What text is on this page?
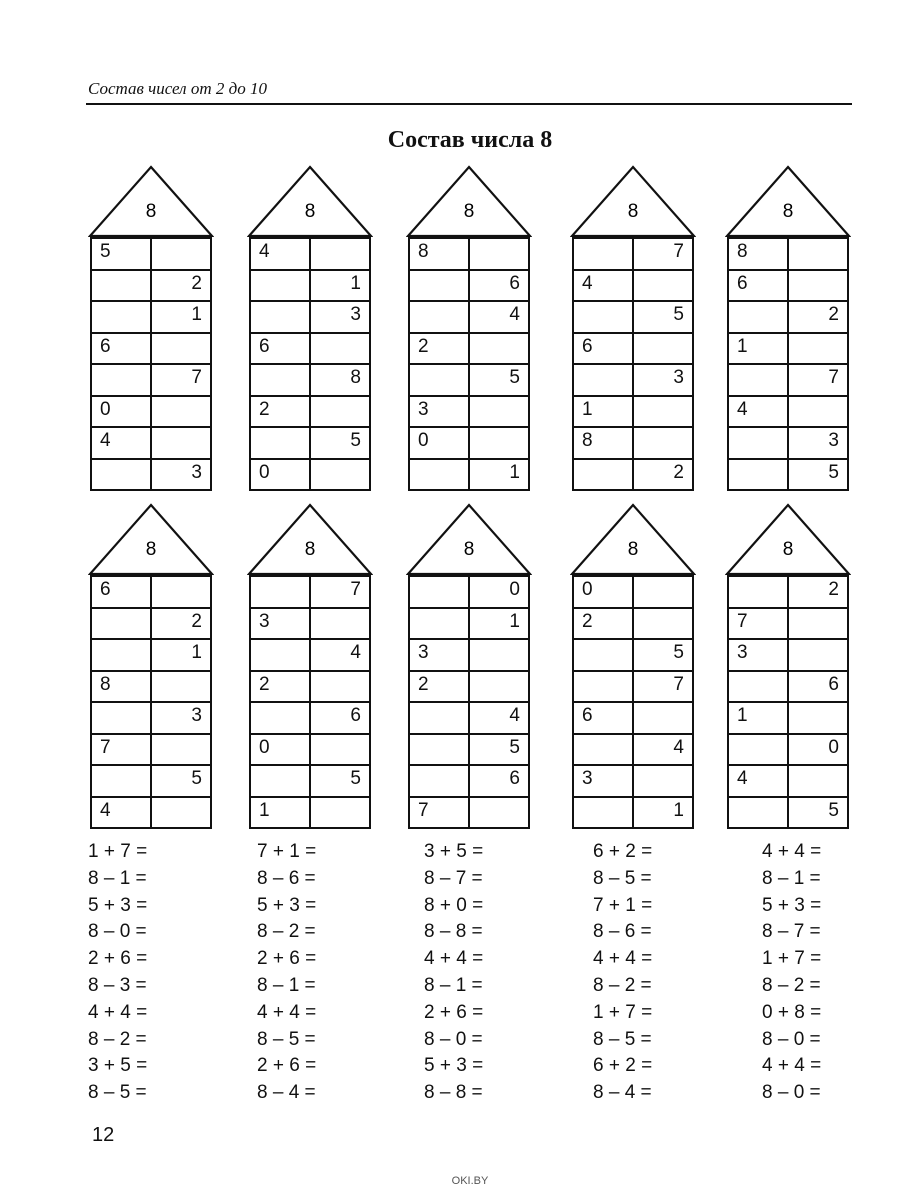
Состав чисел от 2 до 10
Состав числа 8
8
5
2
1
6
7
0
4
3
8
4
1
3
6
8
2
5
0
8
8
6
4
2
5
3
0
1
8
7
4
5
6
3
1
8
2
8
8
6
2
1
7
4
3
5
8
6
2
1
8
3
7
5
4
8
7
3
4
2
6
0
5
1
8
0
1
3
2
4
5
6
7
8
0
2
5
7
6
4
3
1
8
2
7
3
6
1
0
4
5
1 + 7 =
8 – 1 =
5 + 3 =
8 – 0 =
2 + 6 =
8 – 3 =
4 + 4 =
8 – 2 =
3 + 5 =
8 – 5 =
7 + 1 =
8 – 6 =
5 + 3 =
8 – 2 =
2 + 6 =
8 – 1 =
4 + 4 =
8 – 5 =
2 + 6 =
8 – 4 =
3 + 5 =
8 – 7 =
8 + 0 =
8 – 8 =
4 + 4 =
8 – 1 =
2 + 6 =
8 – 0 =
5 + 3 =
8 – 8 =
6 + 2 =
8 – 5 =
7 + 1 =
8 – 6 =
4 + 4 =
8 – 2 =
1 + 7 =
8 – 5 =
6 + 2 =
8 – 4 =
4 + 4 =
8 – 1 =
5 + 3 =
8 – 7 =
1 + 7 =
8 – 2 =
0 + 8 =
8 – 0 =
4 + 4 =
8 – 0 =
12
OKI.BY
